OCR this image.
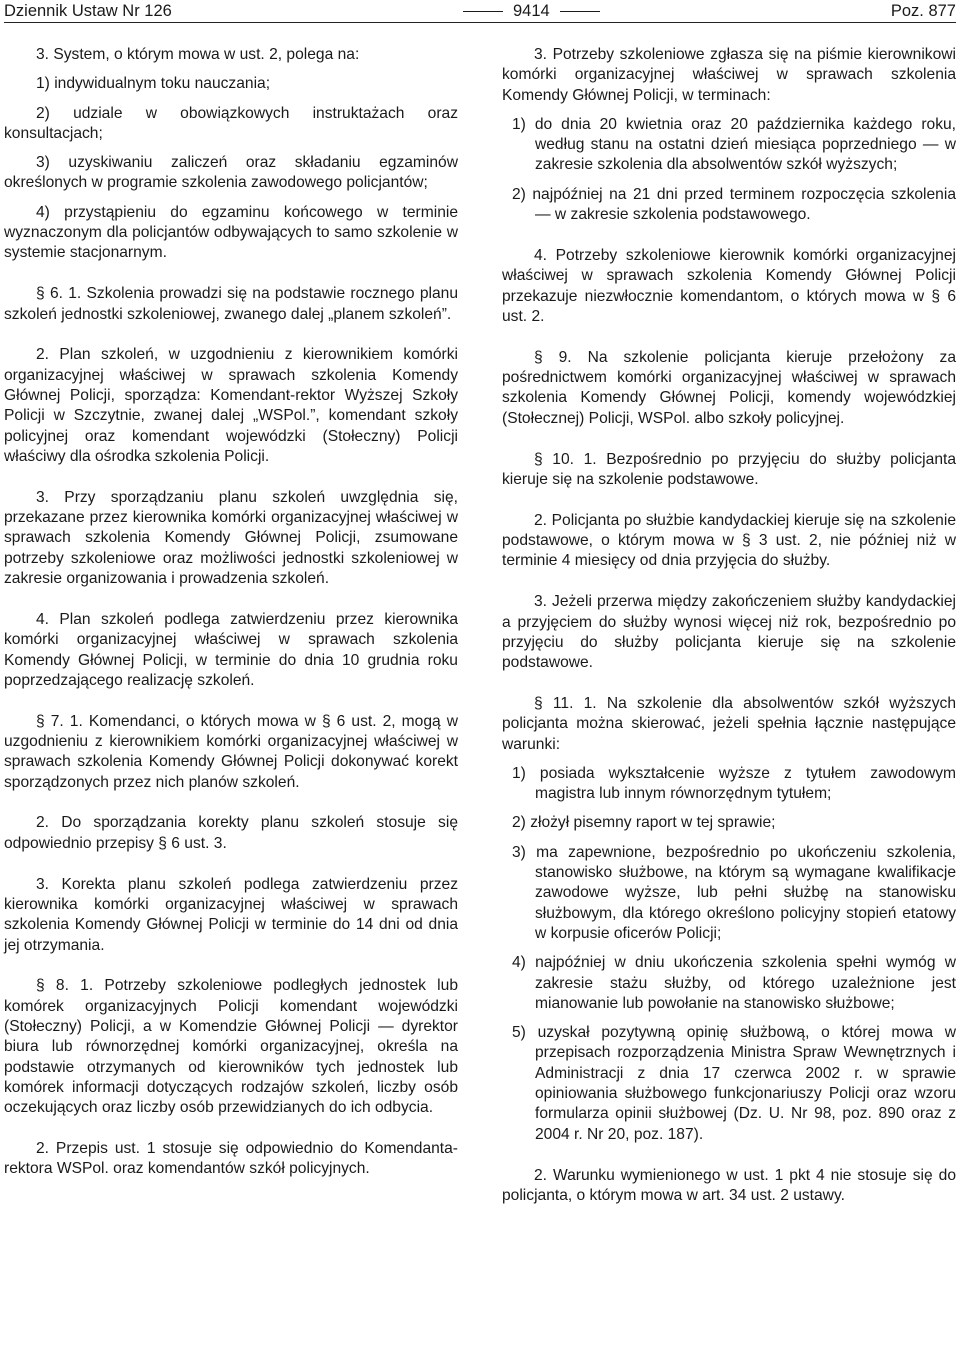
Dziennik Ustaw Nr 126	9414	Poz. 877

3. System, o którym mowa w ust. 2, polega na:

1) indywidualnym toku nauczania;

2) udziale w obowiązkowych instruktażach oraz konsultacjach;

3) uzyskiwaniu zaliczeń oraz składaniu egzaminów określonych w programie szkolenia zawodowego policjantów;

4) przystąpieniu do egzaminu końcowego w terminie wyznaczonym dla policjantów odbywających to samo szkolenie w systemie stacjonarnym.

§ 6. 1. Szkolenia prowadzi się na podstawie rocznego planu szkoleń jednostki szkoleniowej, zwanego dalej „planem szkoleń”.

2. Plan szkoleń, w uzgodnieniu z kierownikiem komórki organizacyjnej właściwej w sprawach szkolenia Komendy Głównej Policji, sporządza: Komendant-rektor Wyższej Szkoły Policji w Szczytnie, zwanej dalej „WSPol.”, komendant szkoły policyjnej oraz komendant wojewódzki (Stołeczny) Policji właściwy dla ośrodka szkolenia Policji.

3. Przy sporządzaniu planu szkoleń uwzględnia się, przekazane przez kierownika komórki organizacyjnej właściwej w sprawach szkolenia Komendy Głównej Policji, zsumowane potrzeby szkoleniowe oraz możliwości jednostki szkoleniowej w zakresie organizowania i prowadzenia szkoleń.

4. Plan szkoleń podlega zatwierdzeniu przez kierownika komórki organizacyjnej właściwej w sprawach szkolenia Komendy Głównej Policji, w terminie do dnia 10 grudnia roku poprzedzającego realizację szkoleń.

§ 7. 1. Komendanci, o których mowa w § 6 ust. 2, mogą w uzgodnieniu z kierownikiem komórki organizacyjnej właściwej w sprawach szkolenia Komendy Głównej Policji dokonywać korekt sporządzonych przez nich planów szkoleń.

2. Do sporządzania korekty planu szkoleń stosuje się odpowiednio przepisy § 6 ust. 3.

3. Korekta planu szkoleń podlega zatwierdzeniu przez kierownika komórki organizacyjnej właściwej w sprawach szkolenia Komendy Głównej Policji w terminie do 14 dni od dnia jej otrzymania.

§ 8. 1. Potrzeby szkoleniowe podległych jednostek lub komórek organizacyjnych Policji komendant wojewódzki (Stołeczny) Policji, a w Komendzie Głównej Policji — dyrektor biura lub równorzędnej komórki organizacyjnej, określa na podstawie otrzymanych od kierowników tych jednostek lub komórek informacji dotyczących rodzajów szkoleń, liczby osób oczekujących oraz liczby osób przewidzianych do ich odbycia.

2. Przepis ust. 1 stosuje się odpowiednio do Komendanta-rektora WSPol. oraz komendantów szkół policyjnych.

3. Potrzeby szkoleniowe zgłasza się na piśmie kierownikowi komórki organizacyjnej właściwej w sprawach szkolenia Komendy Głównej Policji, w terminach:

1) do dnia 20 kwietnia oraz 20 października każdego roku, według stanu na ostatni dzień miesiąca poprzedniego — w zakresie szkolenia dla absolwentów szkół wyższych;

2) najpóźniej na 21 dni przed terminem rozpoczęcia szkolenia — w zakresie szkolenia podstawowego.

4. Potrzeby szkoleniowe kierownik komórki organizacyjnej właściwej w sprawach szkolenia Komendy Głównej Policji przekazuje niezwłocznie komendantom, o których mowa w § 6 ust. 2.

§ 9. Na szkolenie policjanta kieruje przełożony za pośrednictwem komórki organizacyjnej właściwej w sprawach szkolenia Komendy Głównej Policji, komendy wojewódzkiej (Stołecznej) Policji, WSPol. albo szkoły policyjnej.

§ 10. 1. Bezpośrednio po przyjęciu do służby policjanta kieruje się na szkolenie podstawowe.

2. Policjanta po służbie kandydackiej kieruje się na szkolenie podstawowe, o którym mowa w § 3 ust. 2, nie później niż w terminie 4 miesięcy od dnia przyjęcia do służby.

3. Jeżeli przerwa między zakończeniem służby kandydackiej a przyjęciem do służby wynosi więcej niż rok, bezpośrednio po przyjęciu do służby policjanta kieruje się na szkolenie podstawowe.

§ 11. 1. Na szkolenie dla absolwentów szkół wyższych policjanta można skierować, jeżeli spełnia łącznie następujące warunki:

1) posiada wykształcenie wyższe z tytułem zawodowym magistra lub innym równorzędnym tytułem;

2) złożył pisemny raport w tej sprawie;

3) ma zapewnione, bezpośrednio po ukończeniu szkolenia, stanowisko służbowe, na którym są wymagane kwalifikacje zawodowe wyższe, lub pełni służbę na stanowisku służbowym, dla którego określono policyjny stopień etatowy w korpusie oficerów Policji;

4) najpóźniej w dniu ukończenia szkolenia spełni wymóg w zakresie stażu służby, od którego uzależnione jest mianowanie lub powołanie na stanowisko służbowe;

5) uzyskał pozytywną opinię służbową, o której mowa w przepisach rozporządzenia Ministra Spraw Wewnętrznych i Administracji z dnia 17 czerwca 2002 r. w sprawie opiniowania służbowego funkcjonariuszy Policji oraz wzoru formularza opinii służbowej (Dz. U. Nr 98, poz. 890 oraz z 2004 r. Nr 20, poz. 187).

2. Warunku wymienionego w ust. 1 pkt 4 nie stosuje się do policjanta, o którym mowa w art. 34 ust. 2 ustawy.
